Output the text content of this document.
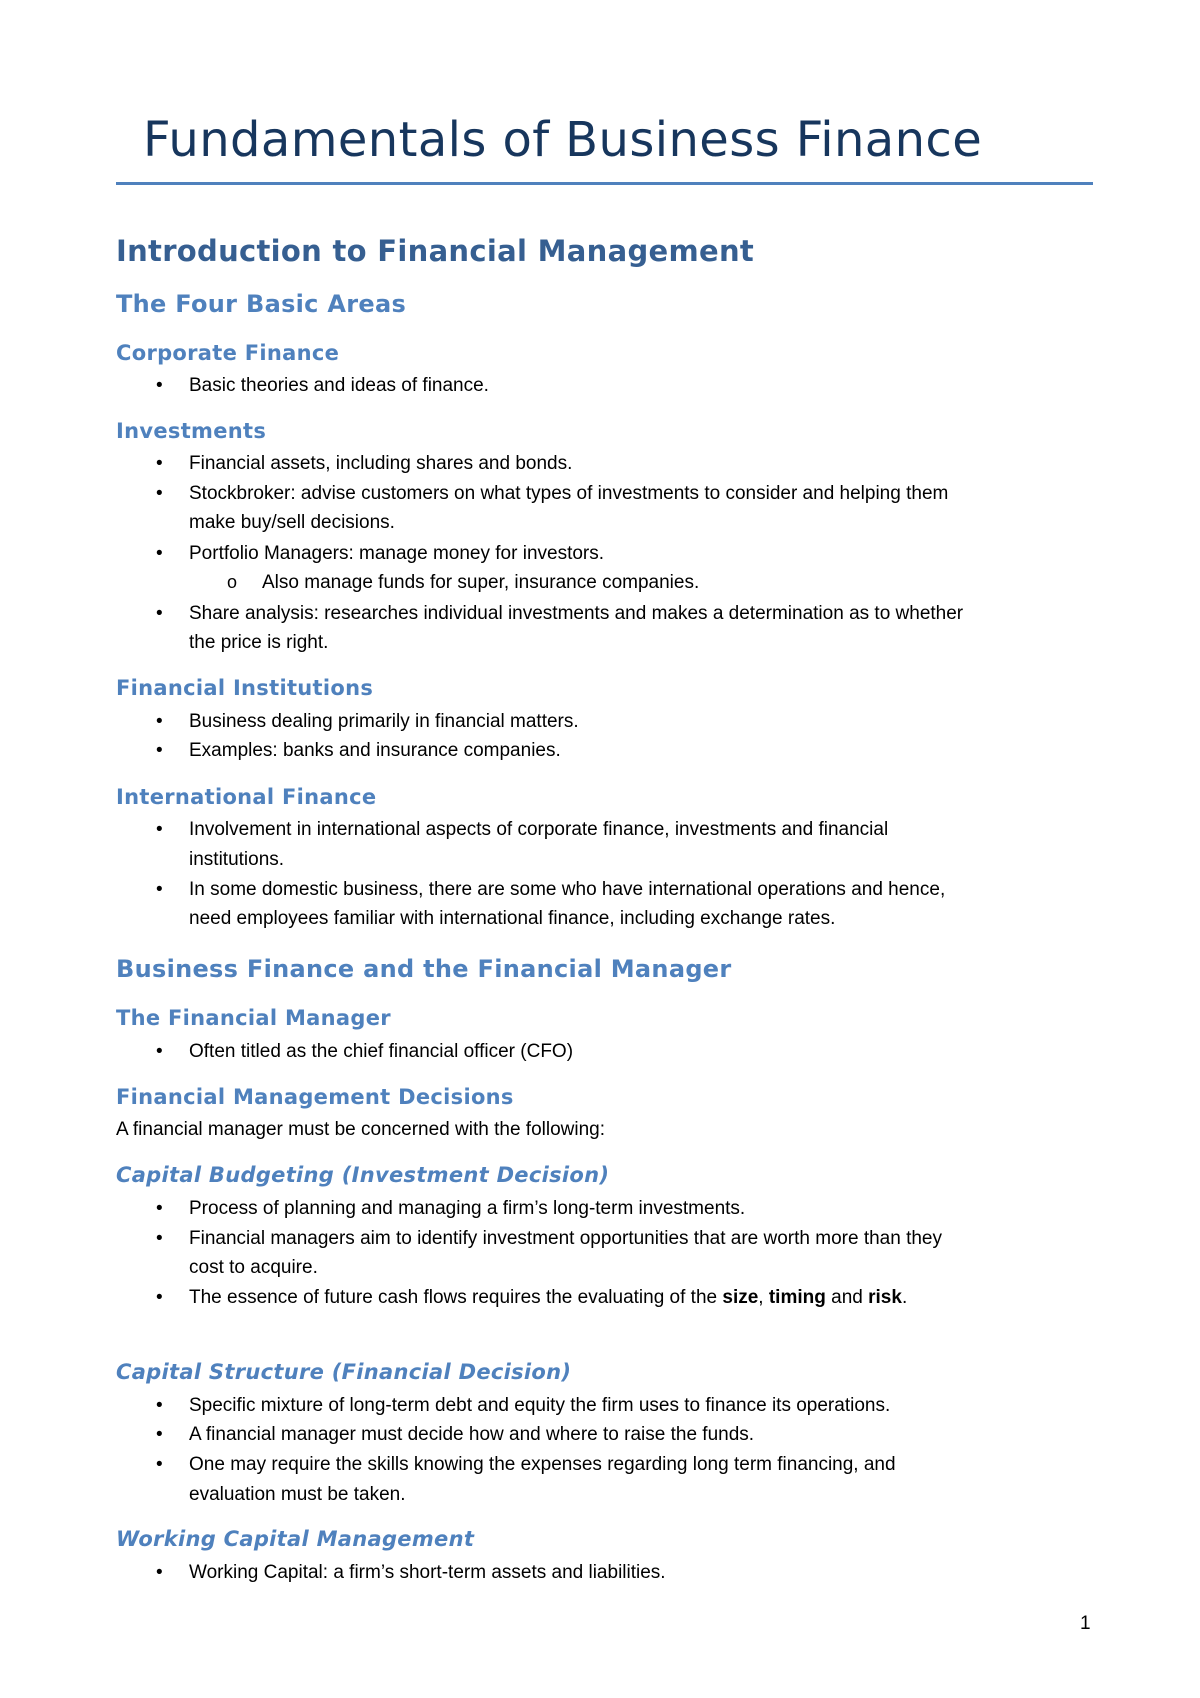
Fundamentals of Business Finance
Introduction to Financial Management
The Four Basic Areas
Corporate Finance
• Basic theories and ideas of finance.
Investments
• Financial assets, including shares and bonds.
• Stockbroker: advise customers on what types of investments to consider and helping them
make buy/sell decisions.
• Portfolio Managers: manage money for investors.
o Also manage funds for super, insurance companies.
• Share analysis: researches individual investments and makes a determination as to whether
the price is right.
Financial Institutions
• Business dealing primarily in financial matters.
• Examples: banks and insurance companies.
International Finance
• Involvement in international aspects of corporate finance, investments and financial
institutions.
• In some domestic business, there are some who have international operations and hence,
need employees familiar with international finance, including exchange rates.
Business Finance and the Financial Manager
The Financial Manager
• Often titled as the chief financial officer (CFO)
Financial Management Decisions
A financial manager must be concerned with the following:
Capital Budgeting (Investment Decision)
• Process of planning and managing a firm’s long-term investments.
• Financial managers aim to identify investment opportunities that are worth more than they
cost to acquire.
• The essence of future cash flows requires the evaluating of the size, timing and risk.
Capital Structure (Financial Decision)
• Specific mixture of long-term debt and equity the firm uses to finance its operations.
• A financial manager must decide how and where to raise the funds.
• One may require the skills knowing the expenses regarding long term financing, and
evaluation must be taken.
Working Capital Management
• Working Capital: a firm’s short-term assets and liabilities.
1
